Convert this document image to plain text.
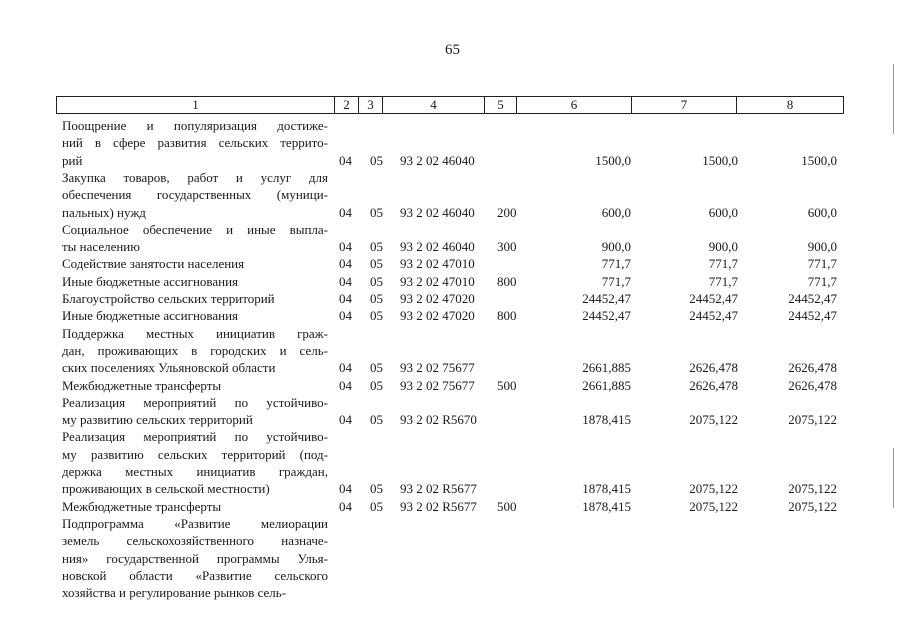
65
1	2	3	4	5	6	7	8
Поощрение и популяризация достиже-
ний в сфере развития сельских террито-
рий	04 05 93 2 02 46040	1500,0	1500,0	1500,0
Закупка товаров, работ и услуг для
обеспечения государственных (муници-
пальных) нужд	04 05 93 2 02 46040 200	600,0	600,0	600,0
Социальное обеспечение и иные выпла-
ты населению	04 05 93 2 02 46040 300	900,0	900,0	900,0
Содействие занятости населения	04 05 93 2 02 47010	771,7	771,7	771,7
Иные бюджетные ассигнования	04 05 93 2 02 47010 800	771,7	771,7	771,7
Благоустройство сельских территорий	04 05 93 2 02 47020	24452,47	24452,47	24452,47
Иные бюджетные ассигнования	04 05 93 2 02 47020 800	24452,47	24452,47	24452,47
Поддержка местных инициатив граж-
дан, проживающих в городских и сель-
ских поселениях Ульяновской области	04 05 93 2 02 75677	2661,885	2626,478	2626,478
Межбюджетные трансферты	04 05 93 2 02 75677 500	2661,885	2626,478	2626,478
Реализация мероприятий по устойчиво-
му развитию сельских территорий	04 05 93 2 02 R5670	1878,415	2075,122	2075,122
Реализация мероприятий по устойчиво-
му развитию сельских территорий (под-
держка местных инициатив граждан,
проживающих в сельской местности)	04 05 93 2 02 R5677	1878,415	2075,122	2075,122
Межбюджетные трансферты	04 05 93 2 02 R5677 500	1878,415	2075,122	2075,122
Подпрограмма «Развитие мелиорации
земель сельскохозяйственного назначе-
ния» государственной программы Улья-
новской области «Развитие сельского
хозяйства и регулирование рынков сель-
